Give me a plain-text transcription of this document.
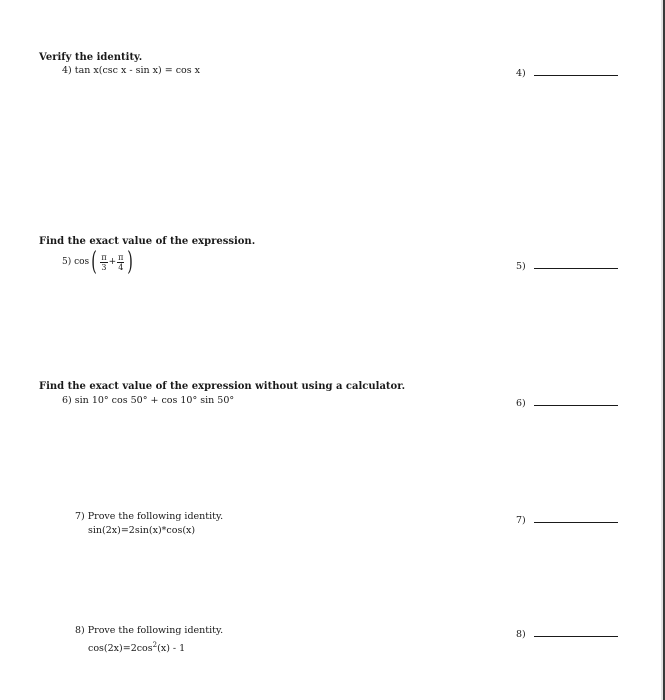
Verify the identity.
4) tan x(csc x - sin x) = cos x	4)
Find the exact value of the expression.
5) $\cos( \frac{\pi}{3} + \frac{\pi}{4}$ )	5)
Find the exact value of the expression without using a calculator.
6) sin 10° cos 50° + cos 10° sin 50°	6)
7) Prove the following identity.
sin(2x)=2sin(x)*cos(x)
7)
8) Prove the following identity.
$\cos(2x)=2\cos^2(x) - 1$
8)
